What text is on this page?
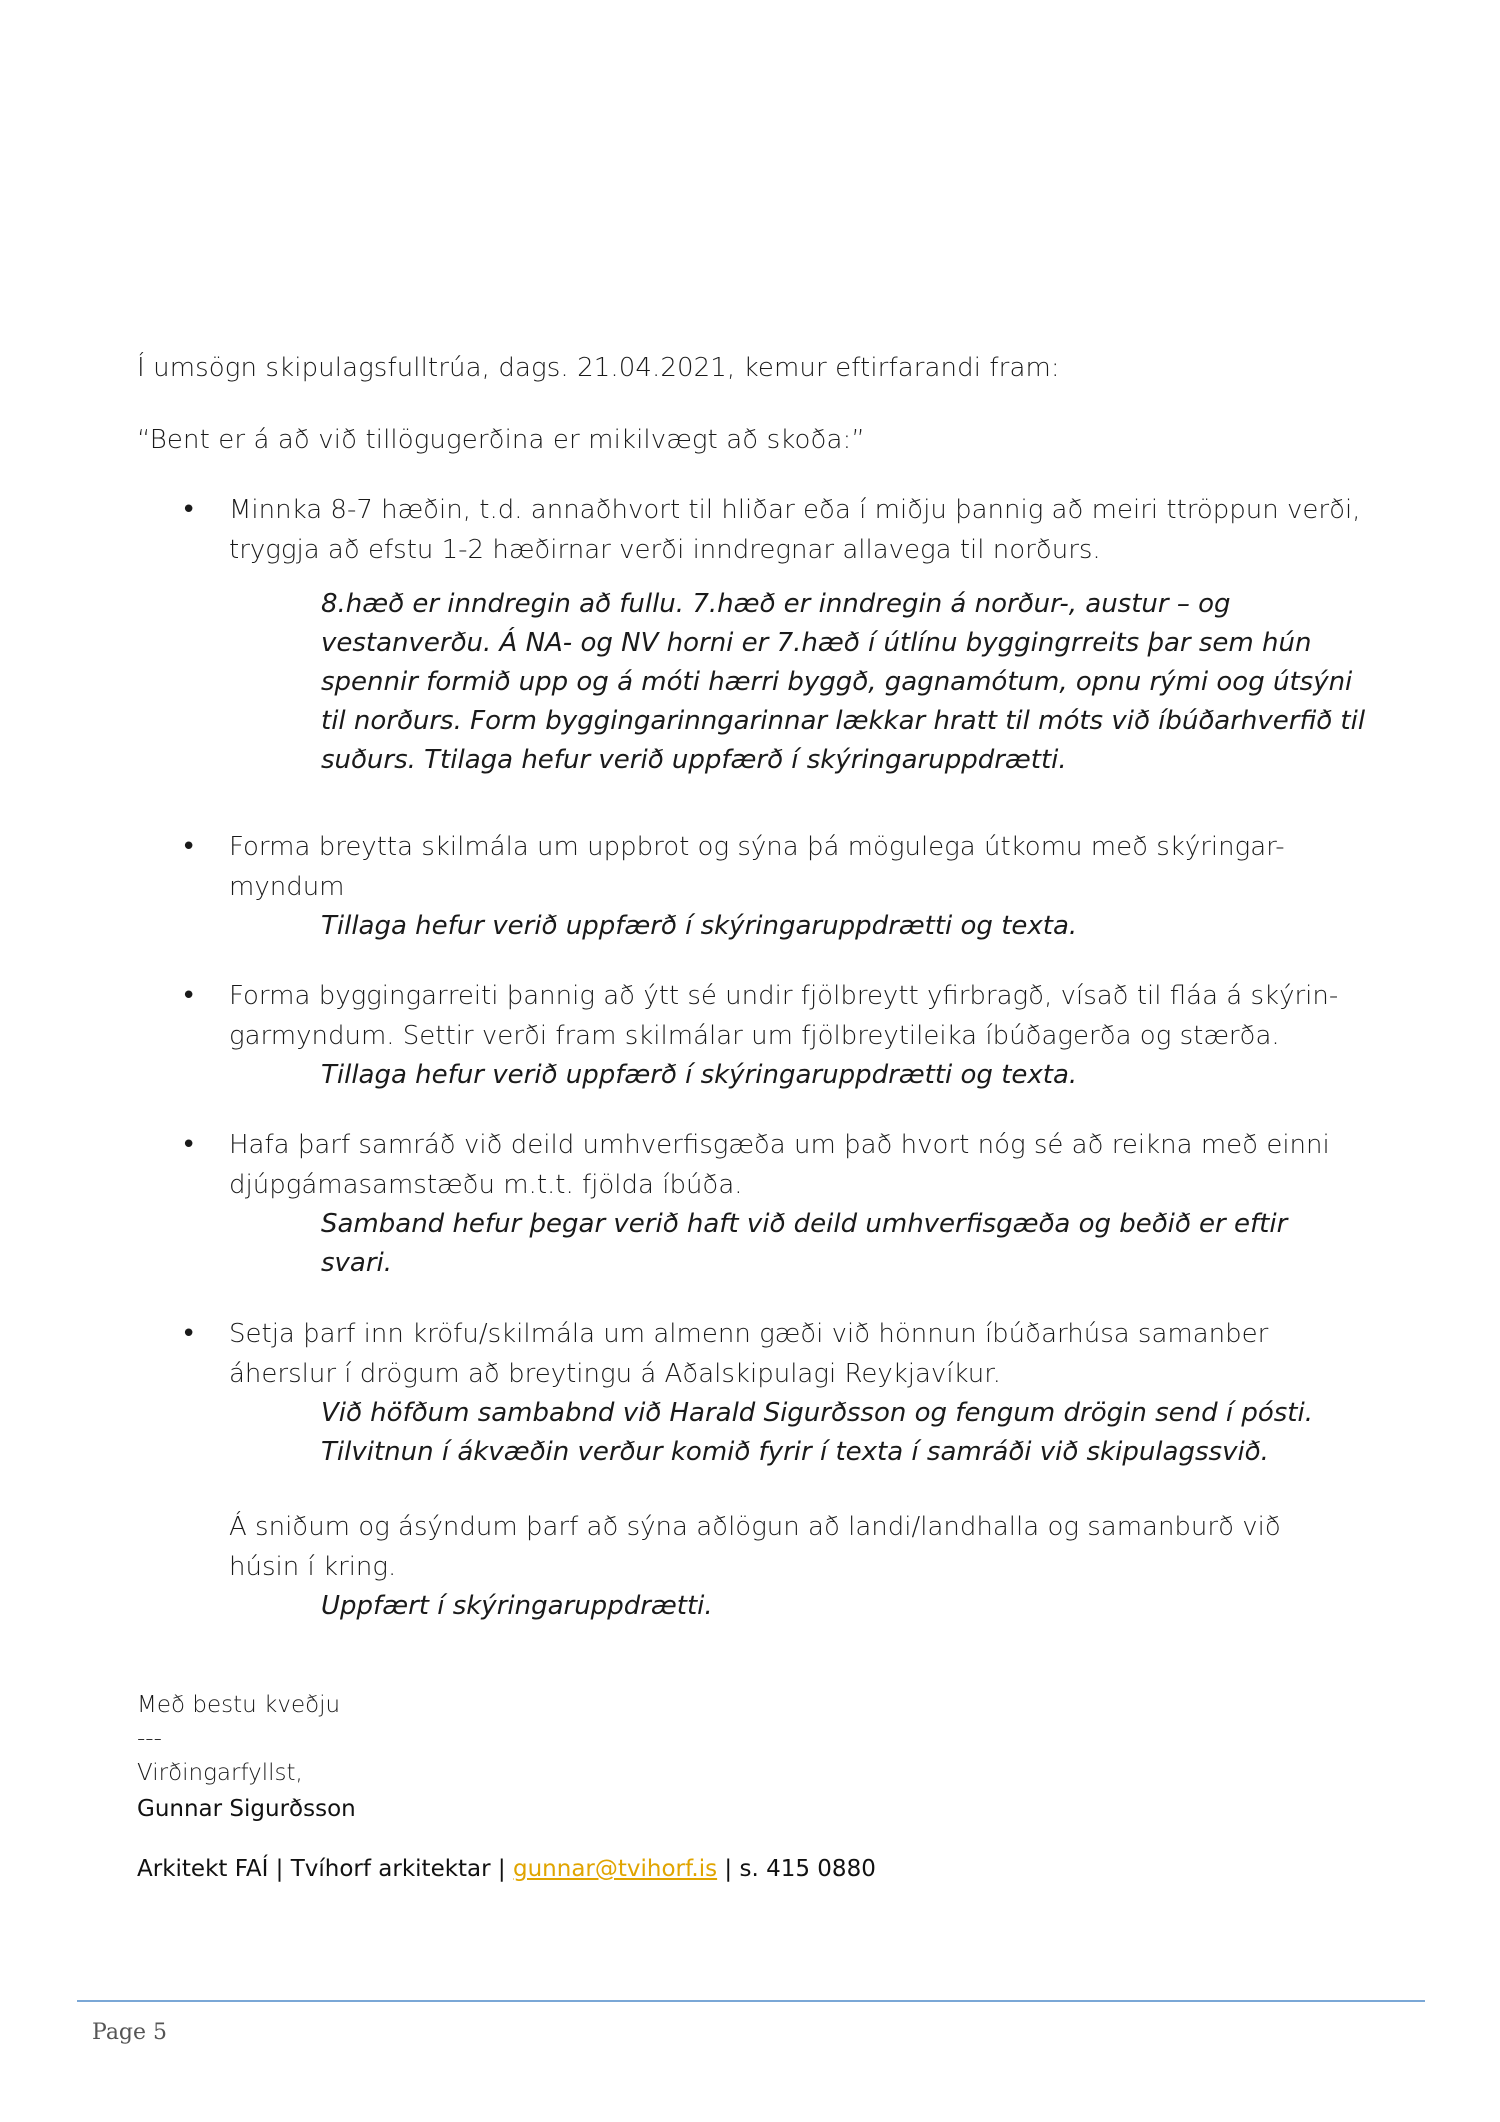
Í umsögn skipulagsfulltrúa, dags. 21.04.2021, kemur eftirfarandi fram:

“Bent er á að við tillögugerðina er mikilvægt að skoða:”

• Minnka 8-7 hæðin, t.d. annaðhvort til hliðar eða í miðju þannig að meiri ttröppun verði, tryggja að efstu 1-2 hæðirnar verði inndregnar allavega til norðurs.

8.hæð er inndregin að fullu. 7.hæð er inndregin á norður-, austur – og vestanverðu. Á NA- og NV horni er 7.hæð í útlínu byggingrreits þar sem hún spennir formið upp og á móti hærri byggð, gagnamótum, opnu rými oog útsýni til norðurs. Form byggingarinngarinnar lækkar hratt til móts við íbúðarhverfið til suðurs. Ttilaga hefur verið uppfærð í skýringaruppdrætti.

• Forma breytta skilmála um uppbrot og sýna þá mögulega útkomu með skýringar-myndum

Tillaga hefur verið uppfærð í skýringaruppdrætti og texta.

• Forma byggingarreiti þannig að ýtt sé undir fjölbreytt yfirbragð, vísað til fláa á skýrin-garmyndum. Settir verði fram skilmálar um fjölbreytileika íbúðagerða og stærða.

Tillaga hefur verið uppfærð í skýringaruppdrætti og texta.

• Hafa þarf samráð við deild umhverfisgæða um það hvort nóg sé að reikna með einni djúpgámasamstæðu m.t.t. fjölda íbúða.

Samband hefur þegar verið haft við deild umhverfisgæða og beðið er eftir svari.

• Setja þarf inn kröfu/skilmála um almenn gæði við hönnun íbúðarhúsa samanber áherslur í drögum að breytingu á Aðalskipulagi Reykjavíkur.

Við höfðum sambabnd við Harald Sigurðsson og fengum drögin send í pósti.

Tilvitnun í ákvæðin verður komið fyrir í texta í samráði við skipulagssvið.

Á sniðum og ásýndum þarf að sýna aðlögun að landi/landhalla og samanburð við húsin í kring.

Uppfært í skýringaruppdrætti.

Með bestu kveðju

---

Virðingarfyllst,

Gunnar Sigurðsson

Arkitekt FAÍ | Tvíhorf arkitektar | gunnar@tvihorf.is | s. 415 0880

Page 5
